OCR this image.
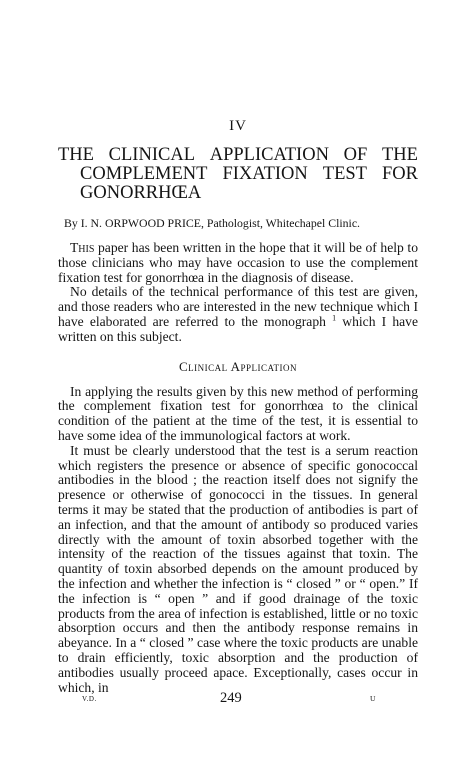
IV
THE CLINICAL APPLICATION OF THE
COMPLEMENT FIXATION TEST FOR
GONORRHŒA
By I. N. ORPWOOD PRICE, Pathologist, Whitechapel Clinic.

This paper has been written in the hope that it will be of help to those clinicians who may have occasion to use the complement fixation test for gonorrhœa in the diagnosis of disease.

No details of the technical performance of this test are given, and those readers who are interested in the new technique which I have elaborated are referred to the monograph $^1$ which I have written on this subject.

Clinical Application

In applying the results given by this new method of performing the complement fixation test for gonorrhœa to the clinical condition of the patient at the time of the test, it is essential to have some idea of the immunological factors at work.

It must be clearly understood that the test is a serum reaction which registers the presence or absence of specific gonococcal antibodies in the blood ; the reaction itself does not signify the presence or otherwise of gonococci in the tissues. In general terms it may be stated that the production of antibodies is part of an infection, and that the amount of antibody so produced varies directly with the amount of toxin absorbed together with the intensity of the reaction of the tissues against that toxin. The quantity of toxin absorbed depends on the amount produced by the infection and whether the infection is “ closed ” or “ open.” If the infection is “ open ” and if good drainage of the toxic products from the area of infection is established, little or no toxic absorption occurs and then the antibody response remains in abeyance. In a “ closed ” case where the toxic products are unable to drain efficiently, toxic absorption and the production of antibodies usually proceed apace. Exceptionally, cases occur in which, in

V.D.	249	U
